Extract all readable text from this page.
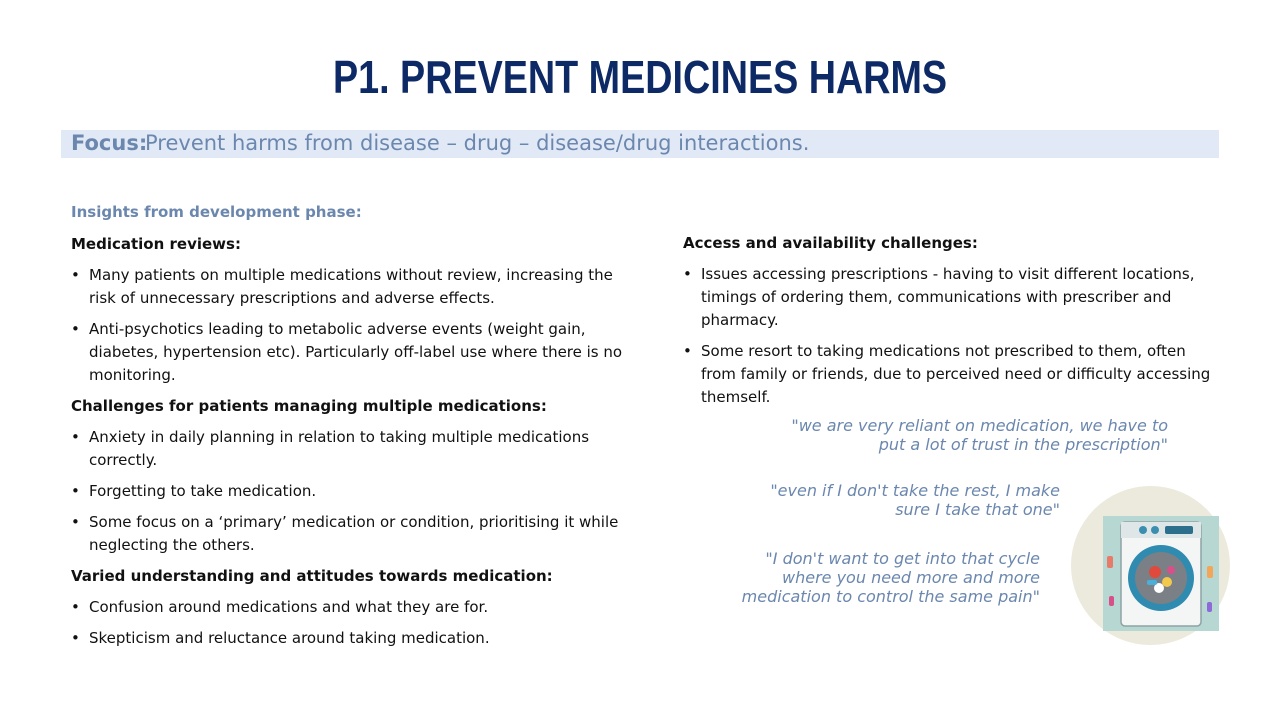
P1. PREVENT MEDICINES HARMS
Focus:
Prevent harms from disease – drug – disease/drug interactions.
Insights from development phase:
Medication reviews:
• Many patients on multiple medications without review, increasing the risk of unnecessary prescriptions and adverse effects.
• Anti-psychotics leading to metabolic adverse events (weight gain, diabetes, hypertension etc). Particularly off-label use where there is no monitoring.
Challenges for patients managing multiple medications:
• Anxiety in daily planning in relation to taking multiple medications correctly.
• Forgetting to take medication.
• Some focus on a ‘primary’ medication or condition, prioritising it while neglecting the others.
Varied understanding and attitudes towards medication:
• Confusion around medications and what they are for.
• Skepticism and reluctance around taking medication.
Access and availability challenges:
• Issues accessing prescriptions - having to visit different locations, timings of ordering them, communications with prescriber and pharmacy.
• Some resort to taking medications not prescribed to them, often from family or friends, due to perceived need or difficulty accessing themself.
"we are very reliant on medication, we have to put a lot of trust in the prescription"
"even if I don't take the rest, I make sure I take that one"
"I don't want to get into that cycle where you need more and more medication to control the same pain"
